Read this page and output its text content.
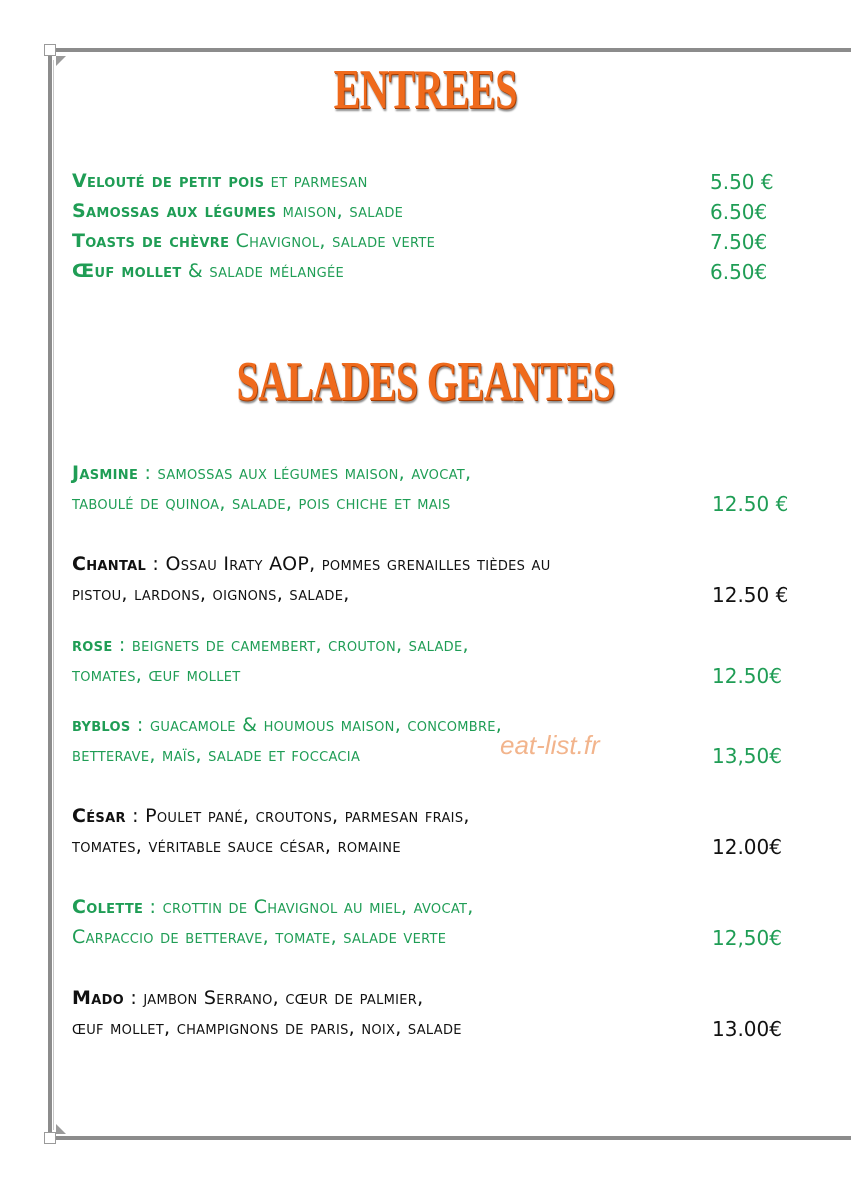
ENTREES
SALADES GEANTES
Velouté de petit pois et parmesan	5.50 €
Samossas aux légumes maison, salade	6.50€
Toasts de chèvre Chavignol, salade verte	7.50€
Œuf mollet & salade mélangée	6.50€
Jasmine : samossas aux légumes maison, avocat,
taboulé de quinoa, salade, pois chiche et mais	12.50 €
Chantal : Ossau Iraty AOP, pommes grenailles tièdes au
pistou, lardons, oignons, salade,	12.50 €
rose : beignets de camembert, crouton, salade,
tomates, œuf mollet	12.50€
byblos : guacamole & houmous maison, concombre,
betterave, maïs, salade et foccacia	13,50€
César : Poulet pané, croutons, parmesan frais,
tomates, véritable sauce césar, romaine	12.00€
Colette : crottin de Chavignol au miel, avocat,
Carpaccio de betterave, tomate, salade verte	12,50€
Mado : jambon Serrano, cœur de palmier,
œuf mollet, champignons de paris, noix, salade	13.00€
eat-list.fr
